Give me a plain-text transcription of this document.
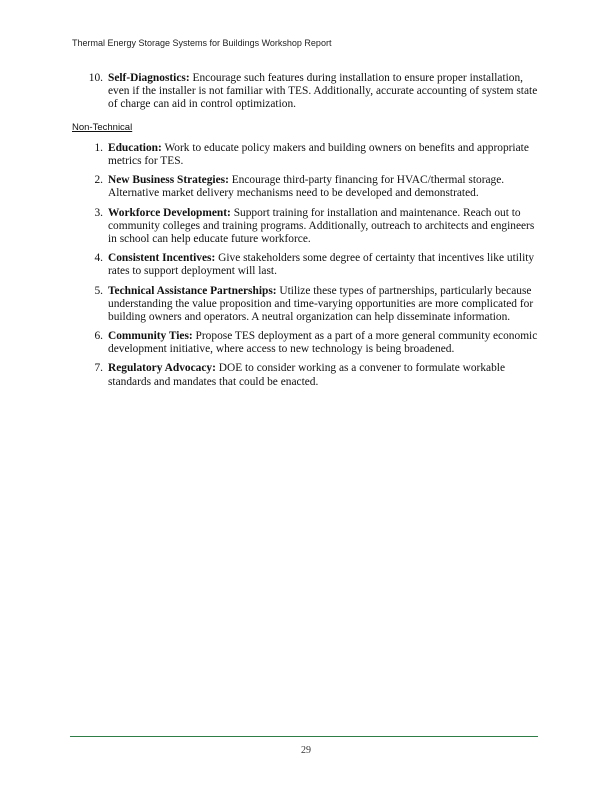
Thermal Energy Storage Systems for Buildings Workshop Report
10. Self-Diagnostics: Encourage such features during installation to ensure proper installation, even if the installer is not familiar with TES. Additionally, accurate accounting of system state of charge can aid in control optimization.
Non-Technical
1. Education: Work to educate policy makers and building owners on benefits and appropriate metrics for TES.
2. New Business Strategies: Encourage third-party financing for HVAC/thermal storage. Alternative market delivery mechanisms need to be developed and demonstrated.
3. Workforce Development: Support training for installation and maintenance. Reach out to community colleges and training programs. Additionally, outreach to architects and engineers in school can help educate future workforce.
4. Consistent Incentives: Give stakeholders some degree of certainty that incentives like utility rates to support deployment will last.
5. Technical Assistance Partnerships: Utilize these types of partnerships, particularly because understanding the value proposition and time-varying opportunities are more complicated for building owners and operators. A neutral organization can help disseminate information.
6. Community Ties: Propose TES deployment as a part of a more general community economic development initiative, where access to new technology is being broadened.
7. Regulatory Advocacy: DOE to consider working as a convener to formulate workable standards and mandates that could be enacted.
29
